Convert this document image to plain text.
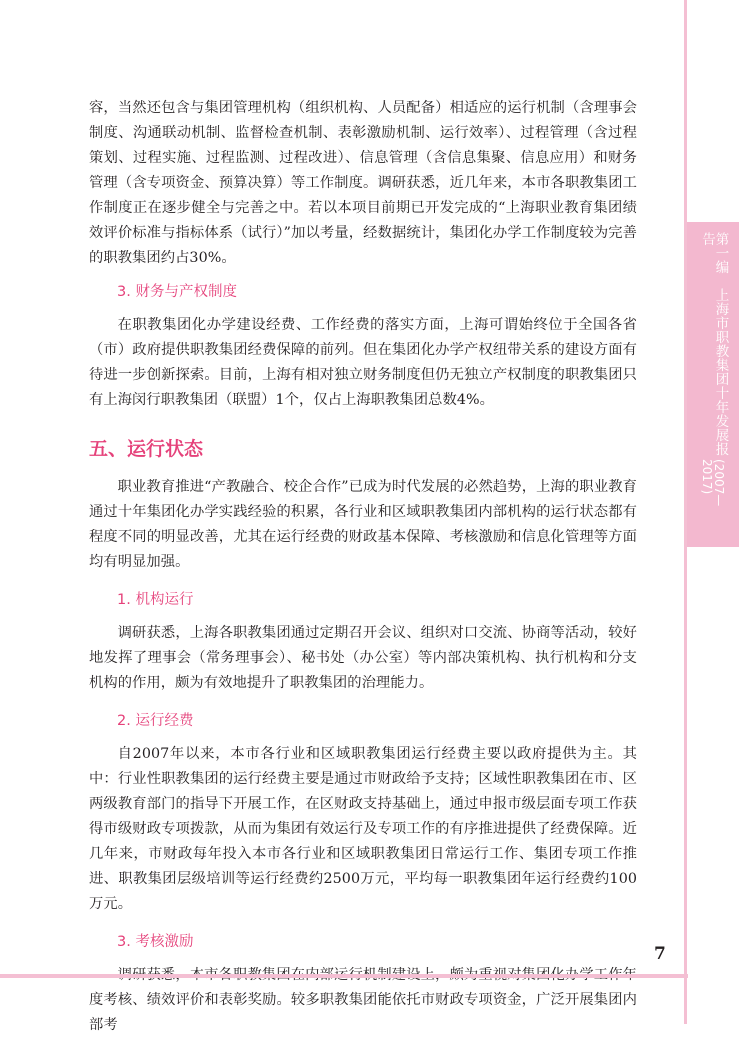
第一编　上海市职教集团十年发展报告
(2007—2017)

容，当然还包含与集团管理机构（组织机构、人员配备）相适应的运行机制（含理事会制度、沟通联动机制、监督检查机制、表彰激励机制、运行效率）、过程管理（含过程策划、过程实施、过程监测、过程改进）、信息管理（含信息集聚、信息应用）和财务管理（含专项资金、预算决算）等工作制度。调研获悉，近几年来，本市各职教集团工作制度正在逐步健全与完善之中。若以本项目前期已开发完成的“上海职业教育集团绩效评价标准与指标体系（试行）”加以考量，经数据统计，集团化办学工作制度较为完善的职教集团约占30%。

3. 财务与产权制度

在职教集团化办学建设经费、工作经费的落实方面，上海可谓始终位于全国各省（市）政府提供职教集团经费保障的前列。但在集团化办学产权纽带关系的建设方面有待进一步创新探索。目前，上海有相对独立财务制度但仍无独立产权制度的职教集团只有上海闵行职教集团（联盟）1个，仅占上海职教集团总数4%。

五、运行状态

职业教育推进“产教融合、校企合作”已成为时代发展的必然趋势，上海的职业教育通过十年集团化办学实践经验的积累，各行业和区域职教集团内部机构的运行状态都有程度不同的明显改善，尤其在运行经费的财政基本保障、考核激励和信息化管理等方面均有明显加强。

1. 机构运行

调研获悉，上海各职教集团通过定期召开会议、组织对口交流、协商等活动，较好地发挥了理事会（常务理事会）、秘书处（办公室）等内部决策机构、执行机构和分支机构的作用，颇为有效地提升了职教集团的治理能力。

2. 运行经费

自2007年以来，本市各行业和区域职教集团运行经费主要以政府提供为主。其中：行业性职教集团的运行经费主要是通过市财政给予支持；区域性职教集团在市、区两级教育部门的指导下开展工作，在区财政支持基础上，通过申报市级层面专项工作获得市级财政专项拨款，从而为集团有效运行及专项工作的有序推进提供了经费保障。近几年来，市财政每年投入本市各行业和区域职教集团日常运行工作、集团专项工作推进、职教集团层级培训等运行经费约2500万元，平均每一职教集团年运行经费约100万元。

3. 考核激励

度考核、绩效评价和表彰奖励。较多职教集团能依托市财政专项资金，广泛开展集团内部考

7
